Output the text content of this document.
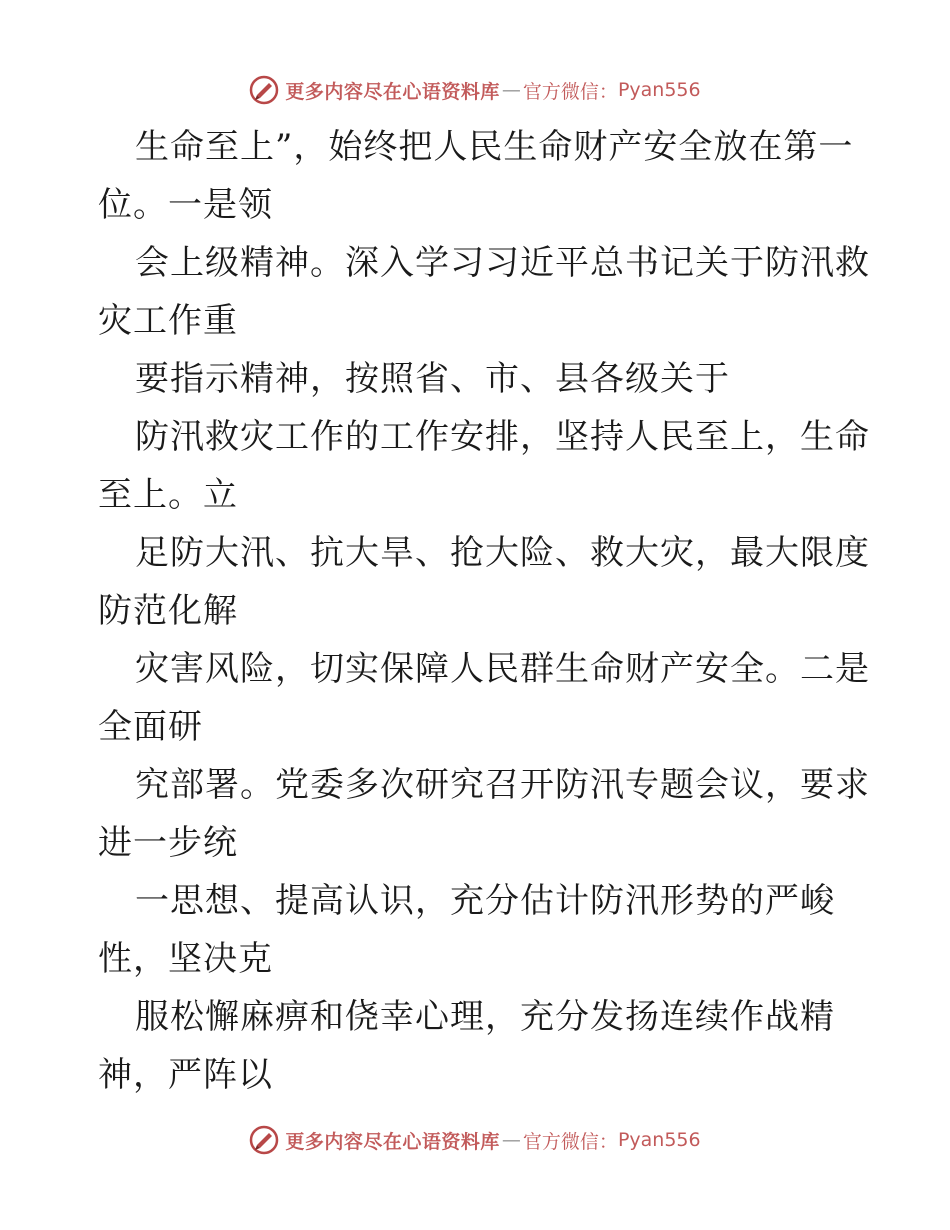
更多内容尽在心语资料库 — 官方微信： Pyan556
生命至上”，始终把人民生命财产安全放在第一
位。一是领
会上级精神。深入学习习近平总书记关于防汛救
灾工作重
要指示精神，按照省、市、县各级关于
防汛救灾工作的工作安排，坚持人民至上，生命
至上。立
足防大汛、抗大旱、抢大险、救大灾，最大限度
防范化解
灾害风险，切实保障人民群生命财产安全。二是
全面研
究部署。党委多次研究召开防汛专题会议，要求
进一步统
一思想、提高认识，充分估计防汛形势的严峻
性，坚决克
服松懈麻痹和侥幸心理，充分发扬连续作战精
神，严阵以
更多内容尽在心语资料库 — 官方微信： Pyan556
